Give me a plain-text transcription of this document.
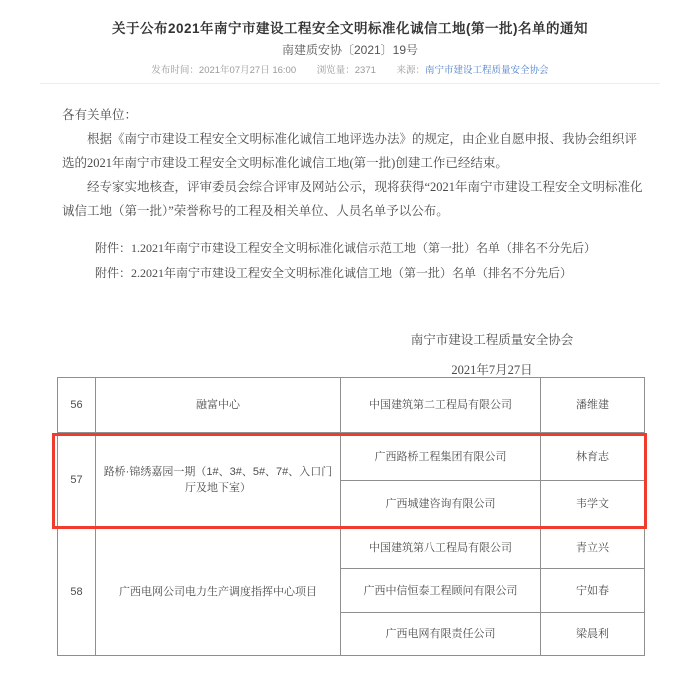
关于公布2021年南宁市建设工程安全文明标准化诚信工地(第一批)名单的通知
南建质安协〔2021〕19号
发布时间：2021年07月27日 16:00 浏览量：2371 来源：南宁市建设工程质量安全协会
各有关单位：
根据《南宁市建设工程安全文明标准化诚信工地评选办法》的规定，由企业自愿申报、我协会组织评选的2021年南宁市建设工程安全文明标准化诚信工地(第一批)创建工作已经结束。
经专家实地核查，评审委员会综合评审及网站公示，现将获得“2021年南宁市建设工程安全文明标准化诚信工地（第一批）”荣誉称号的工程及相关单位、人员名单予以公布。
附件：1.2021年南宁市建设工程安全文明标准化诚信示范工地（第一批）名单（排名不分先后）
附件：2.2021年南宁市建设工程安全文明标准化诚信工地（第一批）名单（排名不分先后）
南宁市建设工程质量安全协会
2021年7月27日
56	融富中心	中国建筑第二工程局有限公司	潘维建
57	路桥·锦绣嘉园一期（1#、3#、5#、7#、入口门厅及地下室）	广西路桥工程集团有限公司	林育志
		广西城建咨询有限公司	韦学文
58	广西电网公司电力生产调度指挥中心项目	中国建筑第八工程局有限公司	青立兴
		广西中信恒泰工程顾问有限公司	宁如春
		广西电网有限责任公司	梁晨利
